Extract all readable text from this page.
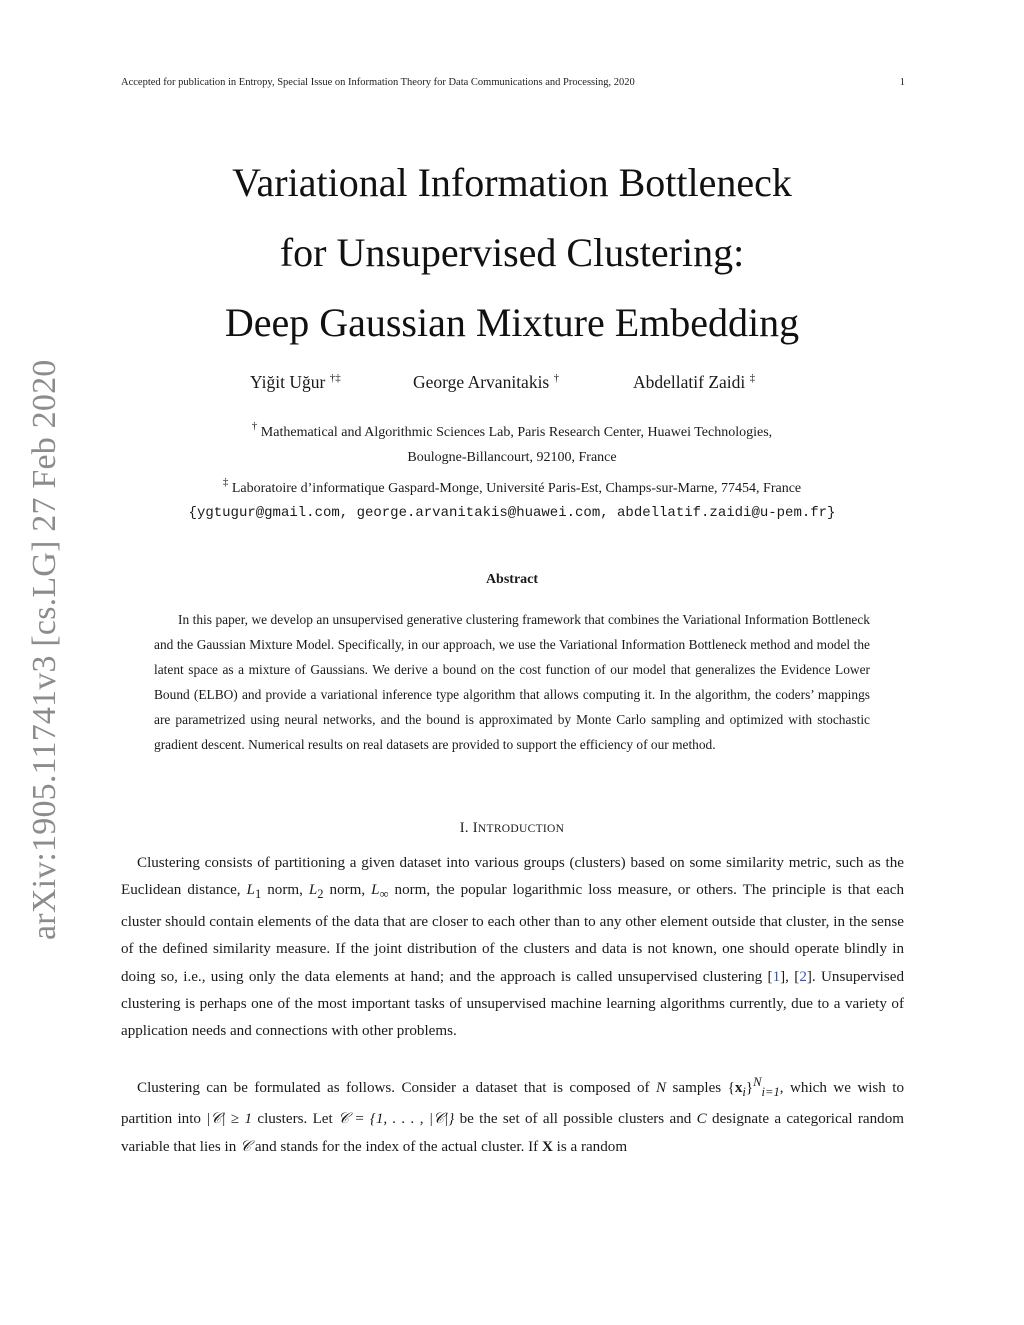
Accepted for publication in Entropy, Special Issue on Information Theory for Data Communications and Processing, 2020	1
arXiv:1905.11741v3 [cs.LG] 27 Feb 2020
Variational Information Bottleneck
for Unsupervised Clustering:
Deep Gaussian Mixture Embedding
Yiğit Uğur †‡	George Arvanitakis †	Abdellatif Zaidi ‡
† Mathematical and Algorithmic Sciences Lab, Paris Research Center, Huawei Technologies,
Boulogne-Billancourt, 92100, France
‡ Laboratoire d’informatique Gaspard-Monge, Université Paris-Est, Champs-sur-Marne, 77454, France
{ygtugur@gmail.com, george.arvanitakis@huawei.com, abdellatif.zaidi@u-pem.fr}
Abstract

In this paper, we develop an unsupervised generative clustering framework that combines the Variational Information Bottleneck and the Gaussian Mixture Model. Specifically, in our approach, we use the Variational Information Bottleneck method and model the latent space as a mixture of Gaussians. We derive a bound on the cost function of our model that generalizes the Evidence Lower Bound (ELBO) and provide a variational inference type algorithm that allows computing it. In the algorithm, the coders’ mappings are parametrized using neural networks, and the bound is approximated by Monte Carlo sampling and optimized with stochastic gradient descent. Numerical results on real datasets are provided to support the efficiency of our method.

I. INTRODUCTION

Clustering consists of partitioning a given dataset into various groups (clusters) based on some similarity metric, such as the Euclidean distance, $L_1$ norm, $L_2$ norm, $L_\infty$ norm, the popular logarithmic loss measure, or others. The principle is that each cluster should contain elements of the data that are closer to each other than to any other element outside that cluster, in the sense of the defined similarity measure. If the joint distribution of the clusters and data is not known, one should operate blindly in doing so, i.e., using only the data elements at hand; and the approach is called unsupervised clustering [1], [2]. Unsupervised clustering is perhaps one of the most important tasks of unsupervised machine learning algorithms currently, due to a variety of application needs and connections with other problems.

Clustering can be formulated as follows. Consider a dataset that is composed of N samples $\{x_i\}^N_{i=1}$, which we wish to partition into |𝒞| ≥ 1 clusters. Let 𝒞 = {1, . . . , |𝒞|} be the set of all possible clusters and C designate a categorical random variable that lies in 𝒞 and stands for the index of the actual cluster. If X is a random
